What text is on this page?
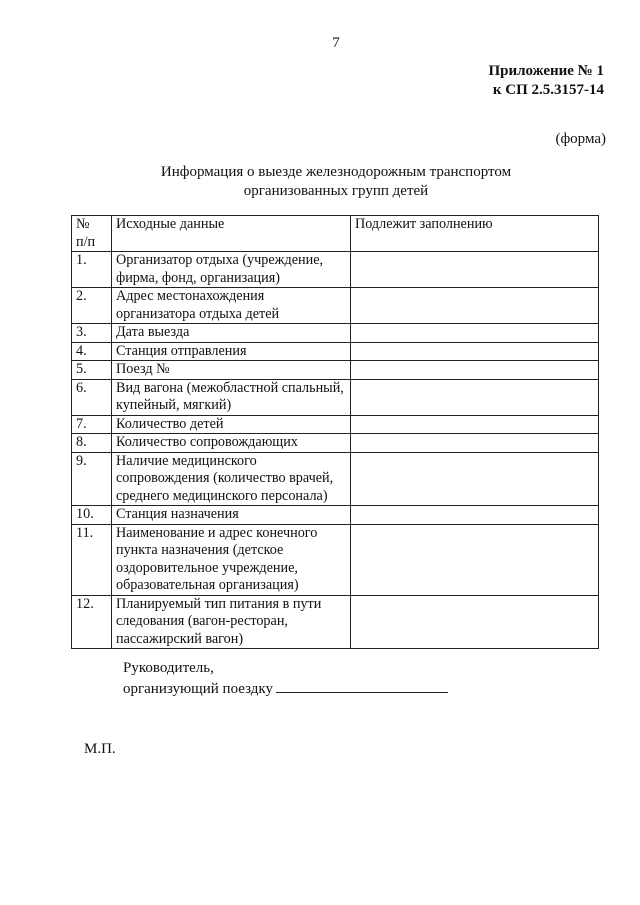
7
Приложение № 1
к СП 2.5.3157-14
(форма)
Информация о выезде железнодорожным транспортом
организованных групп детей
№
п/п	Исходные данные	Подлежит заполнению
1.	Организатор отдыха (учреждение, фирма, фонд, организация)	
2.	Адрес местонахождения организатора отдыха детей	
3.	Дата выезда	
4.	Станция отправления	
5.	Поезд №	
6.	Вид вагона (межобластной спальный, купейный, мягкий)	
7.	Количество детей	
8.	Количество сопровождающих	
9.	Наличие медицинского сопровождения (количество врачей, среднего медицинского персонала)	
10.	Станция назначения	
11.	Наименование и адрес конечного пункта назначения (детское оздоровительное учреждение, образовательная организация)	
12.	Планируемый тип питания в пути следования (вагон-ресторан, пассажирский вагон)	
Руководитель,
организующий поездку
М.П.
